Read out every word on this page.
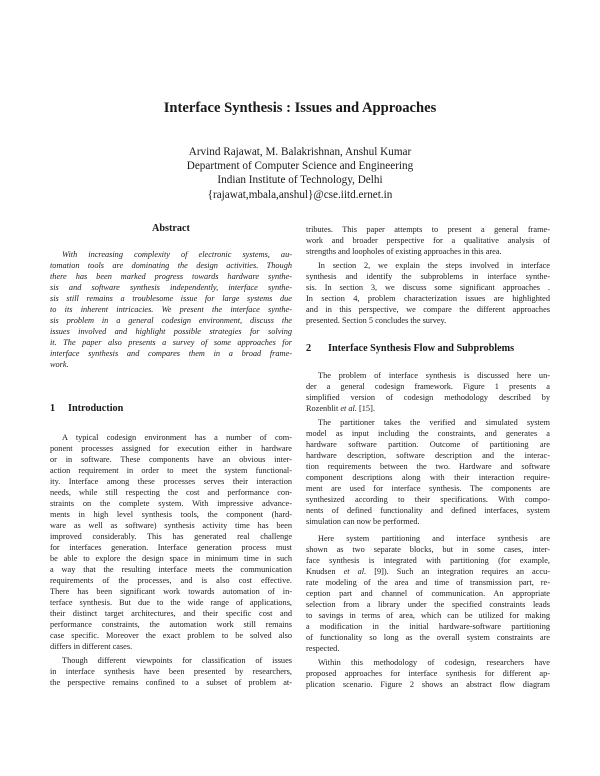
Interface Synthesis : Issues and Approaches
Arvind Rajawat, M. Balakrishnan, Anshul Kumar
Department of Computer Science and Engineering
Indian Institute of Technology, Delhi
{rajawat,mbala,anshul}@cse.iitd.ernet.in
Abstract
With increasing complexity of electronic systems, au-
tomation tools are dominating the design activities. Though
there has been marked progress towards hardware synthe-
sis and software synthesis independently, interface synthe-
sis still remains a troublesome issue for large systems due
to its inherent intricacies. We present the interface synthe-
sis problem in a general codesign environment, discuss the
issues involved and highlight possible strategies for solving
it. The paper also presents a survey of some approaches for
interface synthesis and compares them in a broad frame-
work.
1 Introduction
A typical codesign environment has a number of com-
ponent processes assigned for execution either in hardware
or in software. These components have an obvious inter-
action requirement in order to meet the system functional-
ity. Interface among these processes serves their interaction
needs, while still respecting the cost and performance con-
straints on the complete system. With impressive advance-
ments in high level synthesis tools, the component (hard-
ware as well as software) synthesis activity time has been
improved considerably. This has generated real challenge
for interfaces generation. Interface generation process must
be able to explore the design space in minimum time in such
a way that the resulting interface meets the communication
requirements of the processes, and is also cost effective.
There has been significant work towards automation of in-
terface synthesis. But due to the wide range of applications,
their distinct target architectures, and their specific cost and
performance constraints, the automation work still remains
case specific. Moreover the exact problem to be solved also
differs in different cases.
Though different viewpoints for classification of issues
in interface synthesis have been presented by researchers,
the perspective remains confined to a subset of problem at-
tributes. This paper attempts to present a general frame-
work and broader perspective for a qualitative analysis of
strengths and loopholes of existing approaches in this area.
In section 2, we explain the steps involved in interface
synthesis and identify the subproblems in interface synthe-
sis. In section 3, we discuss some significant approaches .
In section 4, problem characterization issues are highlighted
and in this perspective, we compare the different approaches
presented. Section 5 concludes the survey.
2 Interface Synthesis Flow and Subproblems
The problem of interface synthesis is discussed here un-
der a general codesign framework. Figure 1 presents a
simplified version of codesign methodology described by
Rozenblit et al. [15].
The partitioner takes the verified and simulated system
model as input including the constraints, and generates a
hardware software partition. Outcome of partitioning are
hardware description, software description and the interac-
tion requirements between the two. Hardware and software
component descriptions along with their interaction require-
ment are used for interface synthesis. The components are
synthesized according to their specifications. With compo-
nents of defined functionality and defined interfaces, system
simulation can now be performed.
Here system partitioning and interface synthesis are
shown as two separate blocks, but in some cases, inter-
face synthesis is integrated with partitioning (for example,
Knudsen et al. [9]). Such an integration requires an accu-
rate modeling of the area and time of transmission part, re-
ception part and channel of communication. An appropriate
selection from a library under the specified constraints leads
to savings in terms of area, which can be utilized for making
a modification in the initial hardware-software partitioning
of functionality so long as the overall system constraints are
respected.
Within this methodology of codesign, researchers have
proposed approaches for interface synthesis for different ap-
plication scenario. Figure 2 shows an abstract flow diagram
